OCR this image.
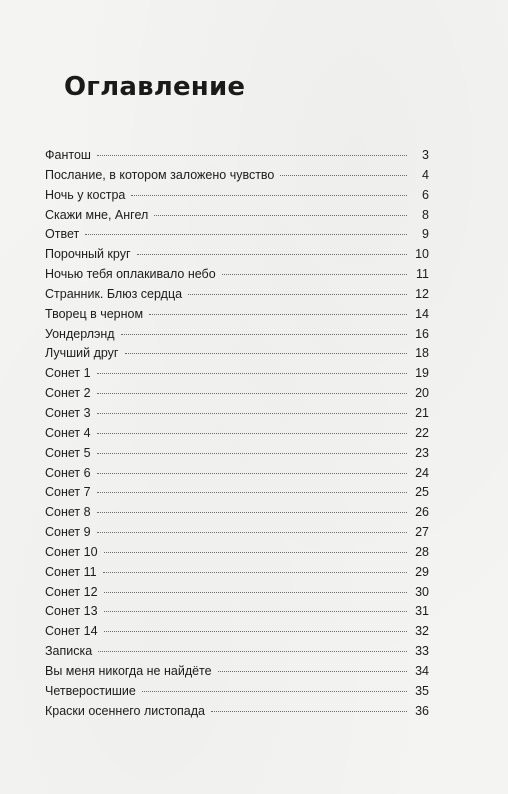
Оглавление
Фантош	3
Послание, в котором заложено чувство	4
Ночь у костра	6
Скажи мне, Ангел	8
Ответ	9
Порочный круг	10
Ночью тебя оплакивало небо	11
Странник. Блюз сердца	12
Творец в черном	14
Уондерлэнд	16
Лучший друг	18
Сонет 1	19
Сонет 2	20
Сонет 3	21
Сонет 4	22
Сонет 5	23
Сонет 6	24
Сонет 7	25
Сонет 8	26
Сонет 9	27
Сонет 10	28
Сонет 11	29
Сонет 12	30
Сонет 13	31
Сонет 14	32
Записка	33
Вы меня никогда не найдёте	34
Четверостишие	35
Краски осеннего листопада	36
